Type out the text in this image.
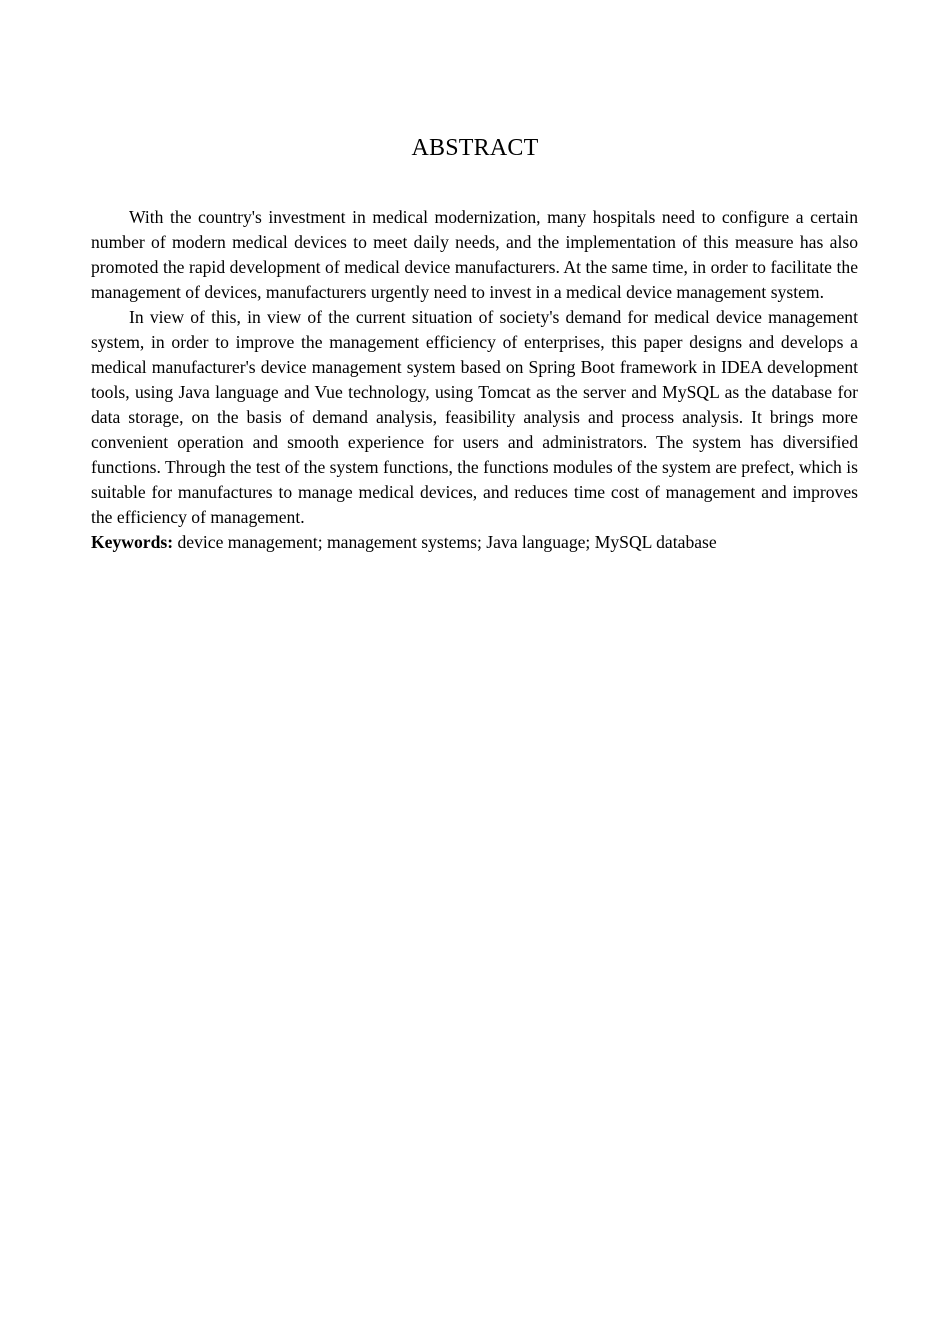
ABSTRACT

With the country's investment in medical modernization, many hospitals need to configure a certain number of modern medical devices to meet daily needs, and the implementation of this measure has also promoted the rapid development of medical device manufacturers. At the same time, in order to facilitate the management of devices, manufacturers urgently need to invest in a medical device management system.

In view of this, in view of the current situation of society's demand for medical device management system, in order to improve the management efficiency of enterprises, this paper designs and develops a medical manufacturer's device management system based on Spring Boot framework in IDEA development tools, using Java language and Vue technology, using Tomcat as the server and MySQL as the database for data storage, on the basis of demand analysis, feasibility analysis and process analysis. It brings more convenient operation and smooth experience for users and administrators. The system has diversified functions. Through the test of the system functions, the functions modules of the system are prefect, which is suitable for manufactures to manage medical devices, and reduces time cost of management and improves the efficiency of management.

Keywords: device management; management systems; Java language; MySQL database
